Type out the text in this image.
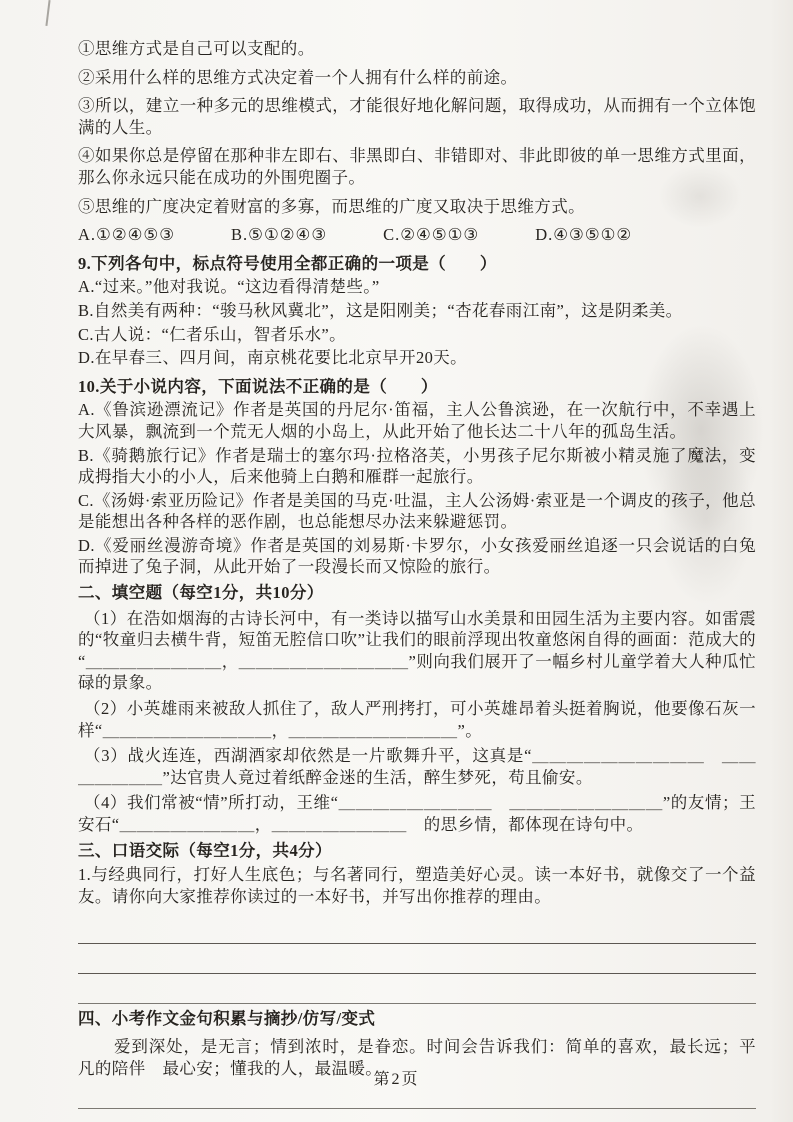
①思维方式是自己可以支配的。

②采用什么样的思维方式决定着一个人拥有什么样的前途。

③所以，建立一种多元的思维模式，才能很好地化解问题，取得成功，从而拥有一个立体饱满的人生。

④如果你总是停留在那种非左即右、非黑即白、非错即对、非此即彼的单一思维方式里面，那么你永远只能在成功的外围兜圈子。

⑤思维的广度决定着财富的多寡，而思维的广度又取决于思维方式。

A.①②④⑤③	B.⑤①②④③	C.②④⑤①③	D.④③⑤①②

9.下列各句中，标点符号使用全都正确的一项是（　　）

A.“过来。”他对我说。“这边看得清楚些。”

B.自然美有两种：“骏马秋风冀北”，这是阳刚美；“杏花春雨江南”，这是阴柔美。

C.古人说：“仁者乐山，智者乐水”。

D.在早春三、四月间，南京桃花要比北京早开20天。

10.关于小说内容，下面说法不正确的是（　　）

A.《鲁滨逊漂流记》作者是英国的丹尼尔·笛福，主人公鲁滨逊，在一次航行中，不幸遇上大风暴，飘流到一个荒无人烟的小岛上，从此开始了他长达二十八年的孤岛生活。

B.《骑鹅旅行记》作者是瑞士的塞尔玛·拉格洛芙，小男孩子尼尔斯被小精灵施了魔法，变成拇指大小的小人，后来他骑上白鹅和雁群一起旅行。

C.《汤姆·索亚历险记》作者是美国的马克·吐温，主人公汤姆·索亚是一个调皮的孩子，他总是能想出各种各样的恶作剧，也总能想尽办法来躲避惩罚。

D.《爱丽丝漫游奇境》作者是英国的刘易斯·卡罗尔，小女孩爱丽丝追逐一只会说话的白兔而掉进了兔子洞，从此开始了一段漫长而又惊险的旅行。

二、填空题（每空1分，共10分）

（1）在浩如烟海的古诗长河中，有一类诗以描写山水美景和田园生活为主要内容。如雷震的“牧童归去横牛背，短笛无腔信口吹”让我们的眼前浮现出牧童悠闲自得的画面：范成大的“＿＿＿＿＿＿＿＿，＿＿＿＿＿＿＿＿＿＿”则向我们展开了一幅乡村儿童学着大人种瓜忙碌的景象。

（2）小英雄雨来被敌人抓住了，敌人严刑拷打，可小英雄昂着头挺着胸说，他要像石灰一样“＿＿＿＿＿＿＿＿＿＿，＿＿＿＿＿＿＿＿＿＿”。

（3）战火连连，西湖酒家却依然是一片歌舞升平，这真是“＿＿＿＿＿＿＿＿＿＿　＿＿＿＿＿＿＿”达官贵人竟过着纸醉金迷的生活，醉生梦死，苟且偷安。

（4）我们常被“情”所打动，王维“＿＿＿＿＿＿＿＿＿　＿＿＿＿＿＿＿＿＿”的友情；王安石“＿＿＿＿＿＿＿＿，＿＿＿＿＿＿＿＿　的思乡情，都体现在诗句中。

三、口语交际（每空1分，共4分）

1.与经典同行，打好人生底色；与名著同行，塑造美好心灵。读一本好书，就像交了一个益友。请你向大家推荐你读过的一本好书，并写出你推荐的理由。

四、小考作文金句积累与摘抄/仿写/变式

爱到深处，是无言；情到浓时，是眷恋。时间会告诉我们：简单的喜欢，最长远；平凡的陪伴　最心安；懂我的人，最温暖。

第2页
